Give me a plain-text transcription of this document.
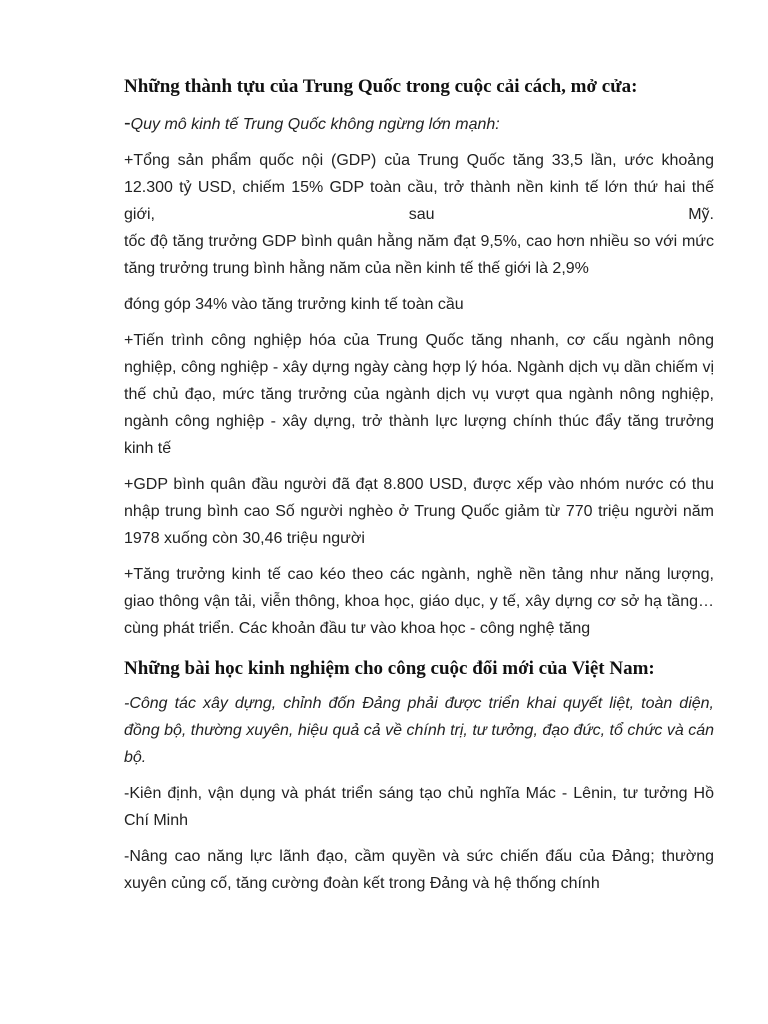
Những thành tựu của Trung Quốc trong cuộc cải cách, mở cửa:

-Quy mô kinh tế Trung Quốc không ngừng lớn mạnh:

+Tổng sản phẩm quốc nội (GDP) của Trung Quốc tăng 33,5 lần, ước khoảng 12.300 tỷ USD, chiếm 15% GDP toàn cầu, trở thành nền kinh tế lớn thứ hai thế giới, sau Mỹ.
tốc độ tăng trưởng GDP bình quân hằng năm đạt 9,5%, cao hơn nhiều so với mức tăng trưởng trung bình hằng năm của nền kinh tế thế giới là 2,9%

đóng góp 34% vào tăng trưởng kinh tế toàn cầu

+Tiến trình công nghiệp hóa của Trung Quốc tăng nhanh, cơ cấu ngành nông nghiệp, công nghiệp - xây dựng ngày càng hợp lý hóa. Ngành dịch vụ dần chiếm vị thế chủ đạo, mức tăng trưởng của ngành dịch vụ vượt qua ngành nông nghiệp, ngành công nghiệp - xây dựng, trở thành lực lượng chính thúc đẩy tăng trưởng kinh tế

+GDP bình quân đầu người đã đạt 8.800 USD, được xếp vào nhóm nước có thu nhập trung bình cao Số người nghèo ở Trung Quốc giảm từ 770 triệu người năm 1978 xuống còn 30,46 triệu người

+Tăng trưởng kinh tế cao kéo theo các ngành, nghề nền tảng như năng lượng, giao thông vận tải, viễn thông, khoa học, giáo dục, y tế, xây dựng cơ sở hạ tầng… cùng phát triển. Các khoản đầu tư vào khoa học - công nghệ tăng

Những bài học kinh nghiệm cho công cuộc đổi mới của Việt Nam:

-Công tác xây dựng, chỉnh đốn Đảng phải được triển khai quyết liệt, toàn diện, đồng bộ, thường xuyên, hiệu quả cả về chính trị, tư tưởng, đạo đức, tổ chức và cán bộ.

-Kiên định, vận dụng và phát triển sáng tạo chủ nghĩa Mác - Lênin, tư tưởng Hồ Chí Minh

-Nâng cao năng lực lãnh đạo, cầm quyền và sức chiến đấu của Đảng; thường xuyên củng cố, tăng cường đoàn kết trong Đảng và hệ thống chính
